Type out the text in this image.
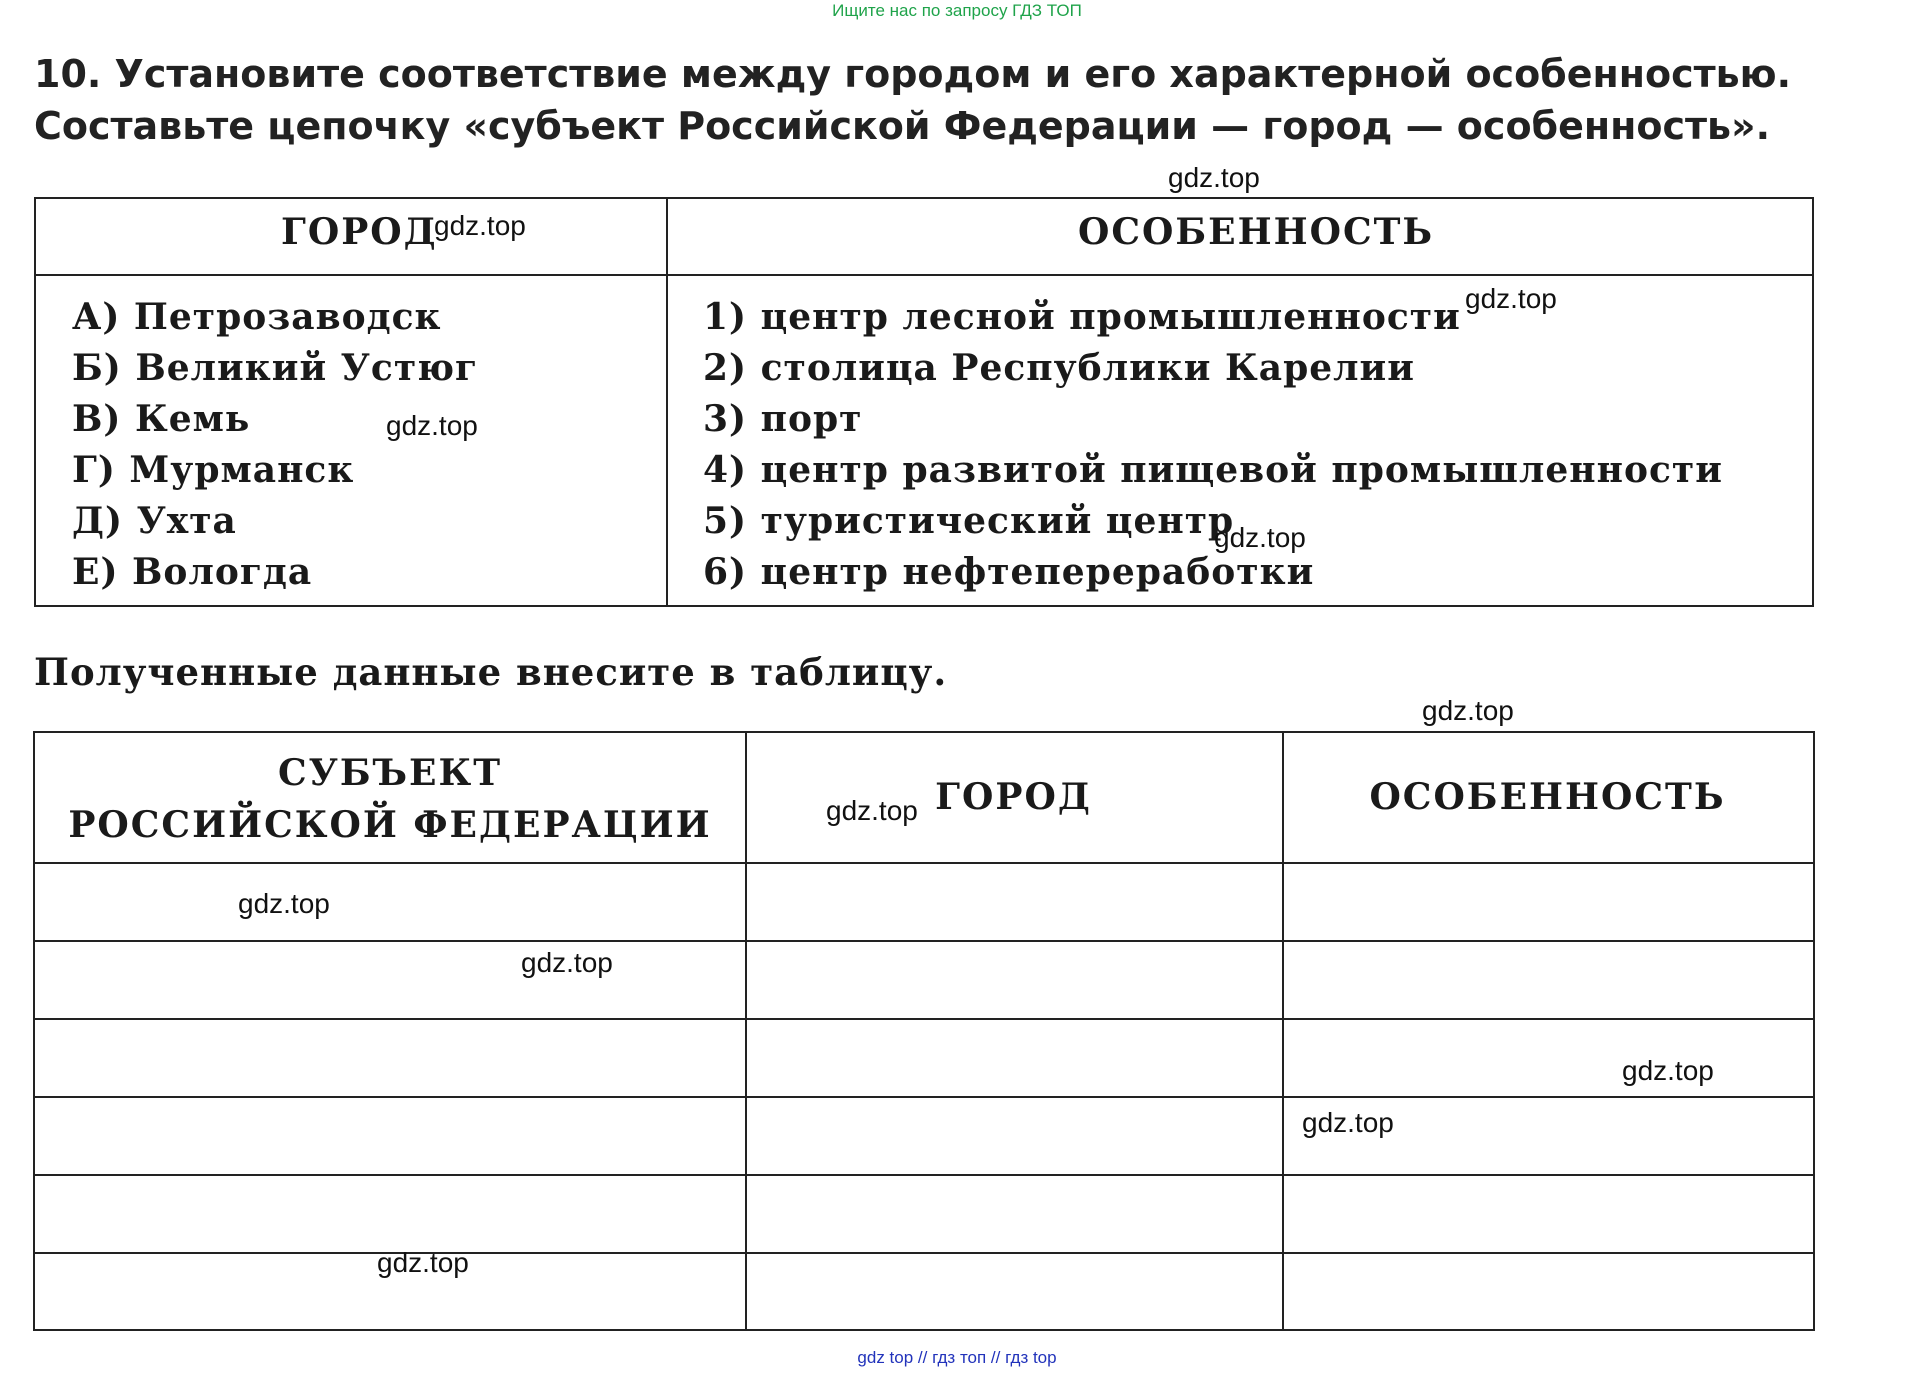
Ищите нас по запросу ГДЗ ТОП
10. Установите соответствие между городом и его характерной особенностью.
Составьте цепочку «субъект Российской Федерации — город — особенность».
ГОРОД	ОСОБЕННОСТЬ
А) Петрозаводск
Б) Великий Устюг
В) Кемь
Г) Мурманск
Д) Ухта
Е) Вологда
1) центр лесной промышленности
2) столица Республики Карелии
3) порт
4) центр развитой пищевой промышленности
5) туристический центр
6) центр нефтепереработки
Полученные данные внесите в таблицу.
СУБЪЕКТ
РОССИЙСКОЙ ФЕДЕРАЦИИ
ГОРОД	ОСОБЕННОСТЬ
gdz.top
gdz.top
gdz.top
gdz.top
gdz.top
gdz.top
gdz.top
gdz.top
gdz.top
gdz.top
gdz.top
gdz.top
gdz top // гдз топ // гдз top
